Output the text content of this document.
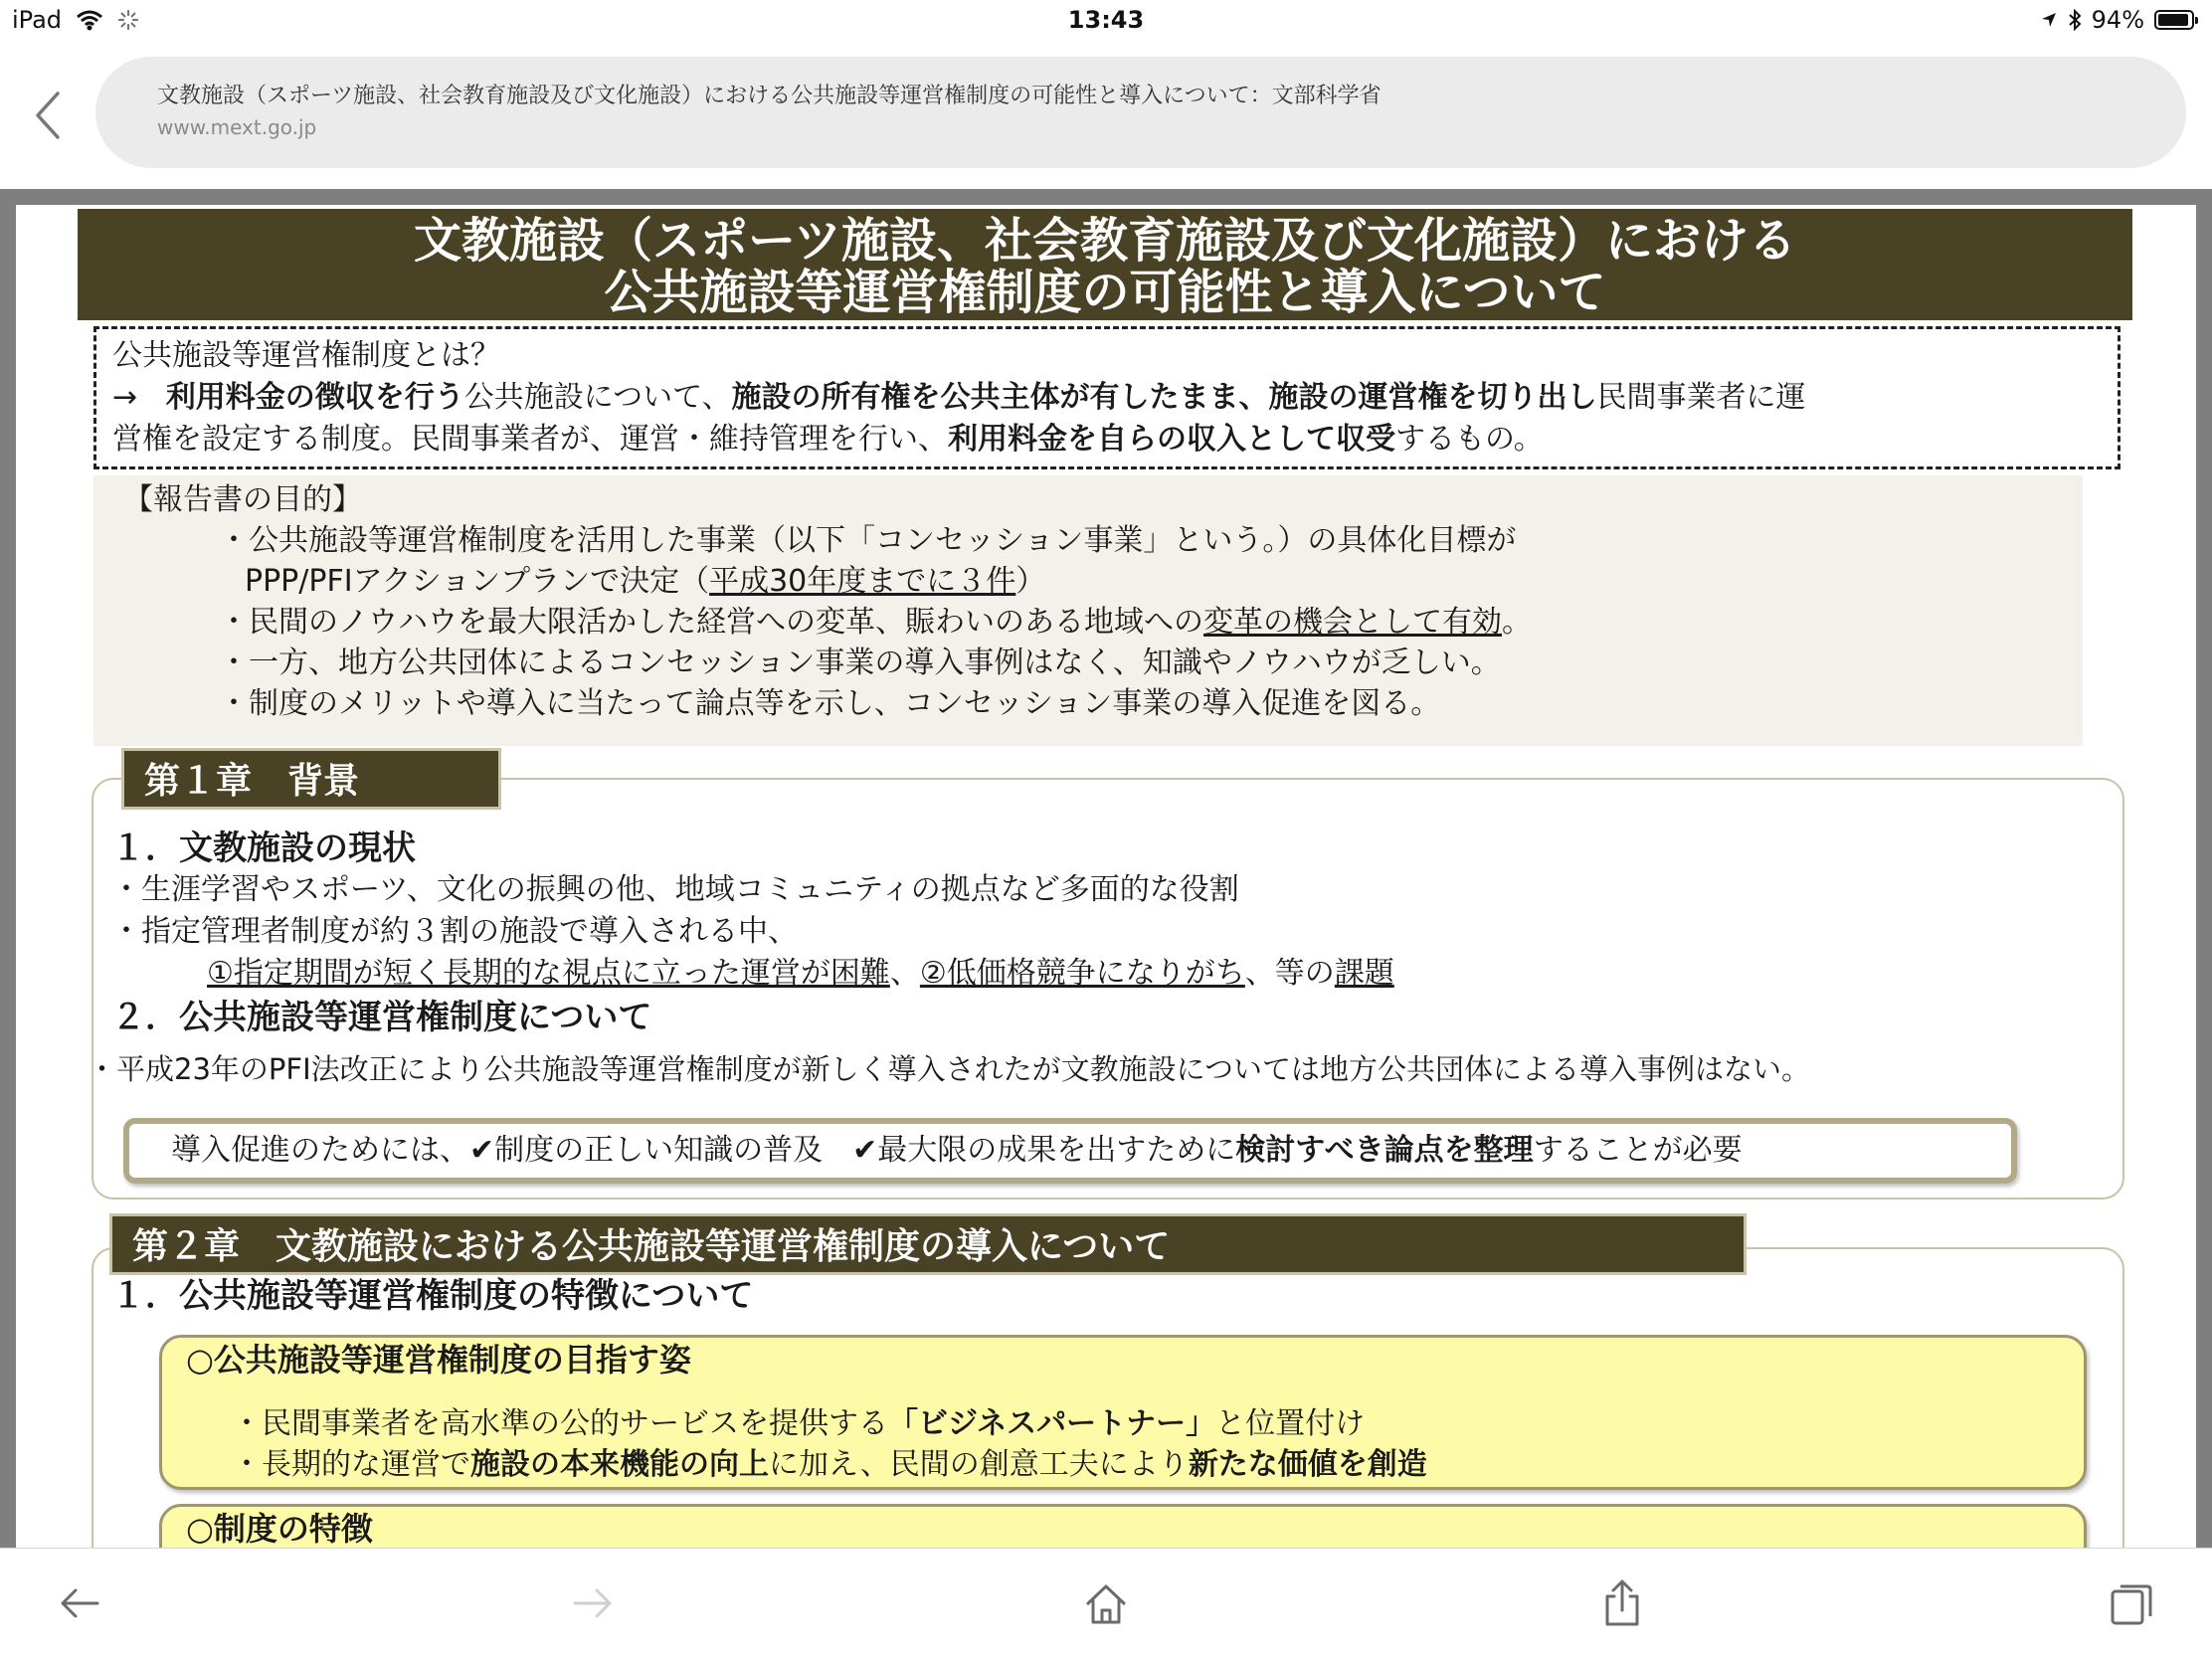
iPad	13:43	94%
文教施設（スポーツ施設、社会教育施設及び文化施設）における公共施設等運営権制度の可能性と導入について：文部科学省
www.mext.go.jp
文教施設（スポーツ施設、社会教育施設及び文化施設）における
公共施設等運営権制度の可能性と導入について
公共施設等運営権制度とは？
→ 利用料金の徴収を行う公共施設について、施設の所有権を公共主体が有したまま、施設の運営権を切り出し民間事業者に運
営権を設定する制度。民間事業者が、運営・維持管理を行い、利用料金を自らの収入として収受するもの。
【報告書の目的】
・公共施設等運営権制度を活用した事業（以下「コンセッション事業」という。）の具体化目標が
PPP/PFIアクションプランで決定（平成30年度までに３件）
・民間のノウハウを最大限活かした経営への変革、賑わいのある地域への変革の機会として有効。
・一方、地方公共団体によるコンセッション事業の導入事例はなく、知識やノウハウが乏しい。
・制度のメリットや導入に当たって論点等を示し、コンセッション事業の導入促進を図る。
第１章　背景
１．文教施設の現状
・生涯学習やスポーツ、文化の振興の他、地域コミュニティの拠点など多面的な役割
・指定管理者制度が約３割の施設で導入される中、
①指定期間が短く長期的な視点に立った運営が困難、②低価格競争になりがち、等の課題
２．公共施設等運営権制度について
・平成23年のPFI法改正により公共施設等運営権制度が新しく導入されたが文教施設については地方公共団体による導入事例はない。
導入促進のためには、✔制度の正しい知識の普及　✔最大限の成果を出すために検討すべき論点を整理することが必要
第２章　文教施設における公共施設等運営権制度の導入について
１．公共施設等運営権制度の特徴について
○公共施設等運営権制度の目指す姿
・民間事業者を高水準の公的サービスを提供する「ビジネスパートナー」と位置付け
・長期的な運営で施設の本来機能の向上に加え、民間の創意工夫により新たな価値を創造
○制度の特徴
